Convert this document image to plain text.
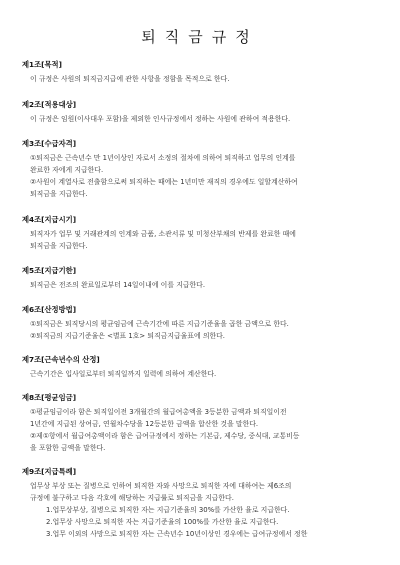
퇴직금규정
제1조[목적]
이 규정은 사원의 퇴직금지급에 관한 사항을 정함을 목적으로 한다.
제2조[적용대상]
이 규정은 임원(이사대우 포함)을 제외한 인사규정에서 정하는 사원에 관하여 적용한다.
제3조[수급자격]
①퇴직금은 근속년수 만 1년이상인 자로서 소정의 절차에 의하여 퇴직하고 업무의 인계를
완료한 자에게 지급한다.
②사원이 계열사로 전출함으로써 퇴직하는 때에는 1년미만 재직의 경우에도 일할계산하여
퇴직금을 지급한다.
제4조[지급시기]
퇴직자가 업무 및 거래관계의 인계와 금품, 소관서류 및 미청산부채의 반제를 완료한 때에
퇴직금을 지급한다.
제5조[지급기한]
퇴직금은 전조의 완료일로부터 14일이내에 이를 지급한다.
제6조[산정방법]
①퇴직금은 퇴직당시의 평균임금에 근속기간에 따른 지급기준율을 곱한 금액으로 한다.
②퇴직금의 지급기준율은 <별표 1호> 퇴직금지급율표에 의한다.
제7조[근속년수의 산정]
근속기간은 입사일로부터 퇴직일까지 일력에 의하여 계산한다.
제8조[평균임금]
①평균임금이라 함은 퇴직일이전 3개월간의 월급여총액을 3등분한 금액과 퇴직일이전
1년간에 지급된 상여금, 연월차수당을 12등분한 금액을 합산한 것을 말한다.
②제①항에서 월급여총액이라 함은 급여규정에서 정하는 기본급, 제수당, 중식대, 교통비등
을 포함한 금액을 말한다.
제9조[지급특례]
업무상 부상 또는 질병으로 인하여 퇴직한 자와 사망으로 퇴직한 자에 대하여는 제6조의
규정에 불구하고 다음 각호에 해당하는 지급률로 퇴직금을 지급한다.
1.업무상부상, 질병으로 퇴직한 자는 지급기준율의 30%를 가산한 율로 지급한다.
2.업무상 사망으로 퇴직한 자는 지급기준율의 100%를 가산한 율로 지급한다.
3.업무 이외의 사망으로 퇴직한 자는 근속년수 10년이상인 경우에는 급여규정에서 정한
